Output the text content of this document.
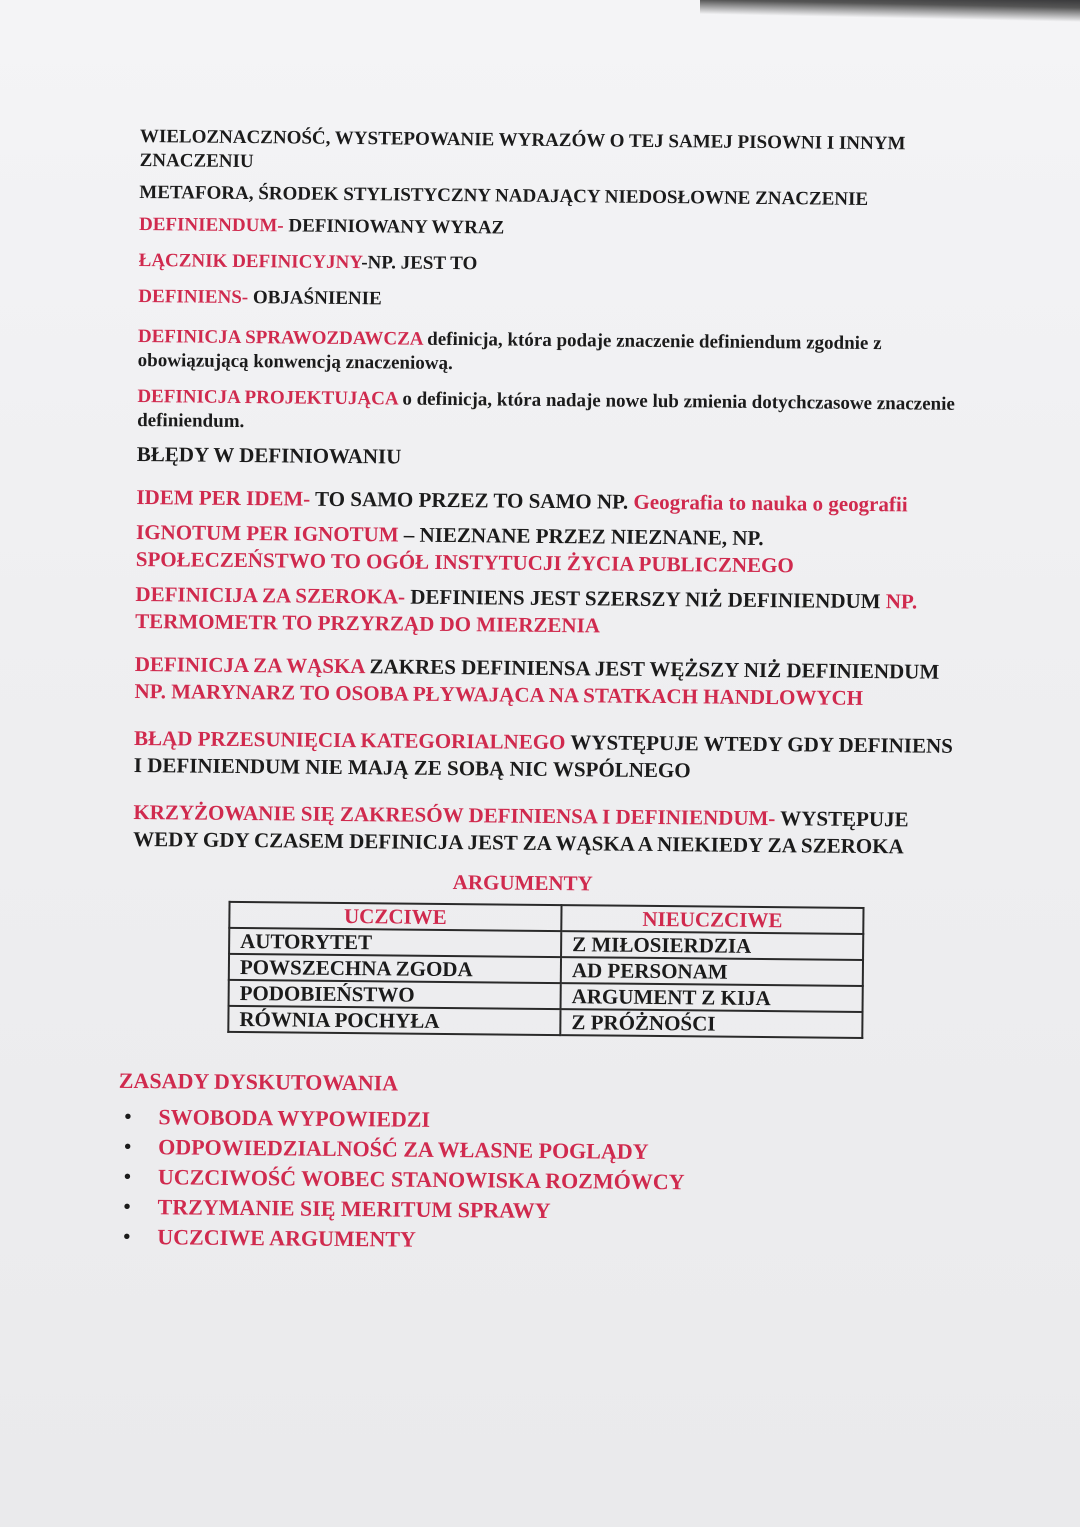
WIELOZNACZNOŚĆ, WYSTEPOWANIE WYRAZÓW O TEJ SAMEJ PISOWNI I INNYM ZNACZENIU

METAFORA, ŚRODEK STYLISTYCZNY NADAJĄCY NIEDOSŁOWNE ZNACZENIE

DEFINIENDUM- DEFINIOWANY WYRAZ

ŁĄCZNIK DEFINICYJNY-NP. JEST TO

DEFINIENS- OBJAŚNIENIE

DEFINICJA SPRAWOZDAWCZA definicja, która podaje znaczenie definiendum zgodnie z obowiązującą konwencją znaczeniową.

DEFINICJA PROJEKTUJĄCA o definicja, która nadaje nowe lub zmienia dotychczasowe znaczenie definiendum.

BŁĘDY W DEFINIOWANIU

IDEM PER IDEM- TO SAMO PRZEZ TO SAMO NP. Geografia to nauka o geografii

IGNOTUM PER IGNOTUM – NIEZNANE PRZEZ NIEZNANE, NP.
SPOŁECZEŃSTWO TO OGÓŁ INSTYTUCJI ŻYCIA PUBLICZNEGO

DEFINICIJA ZA SZEROKA- DEFINIENS JEST SZERSZY NIŻ DEFINIENDUM NP. TERMOMETR TO PRZYRZĄD DO MIERZENIA

DEFINICJA ZA WĄSKA ZAKRES DEFINIENSA JEST WĘŻSZY NIŻ DEFINIENDUM NP. MARYNARZ TO OSOBA PŁYWAJĄCA NA STATKACH HANDLOWYCH

BŁĄD PRZESUNIĘCIA KATEGORIALNEGO WYSTĘPUJE WTEDY GDY DEFINIENS I DEFINIENDUM NIE MAJĄ ZE SOBĄ NIC WSPÓLNEGO

KRZYŻOWANIE SIĘ ZAKRESÓW DEFINIENSA I DEFINIENDUM- WYSTĘPUJE WEDY GDY CZASEM DEFINICJA JEST ZA WĄSKA A NIEKIEDY ZA SZEROKA

ARGUMENTY
UCZCIWE	NIEUCZCIWE
AUTORYTET	Z MIŁOSIERDZIA
POWSZECHNA ZGODA	AD PERSONAM
PODOBIEŃSTWO	ARGUMENT Z KIJA
RÓWNIA POCHYŁA	Z PRÓŻNOŚCI
ZASADY DYSKUTOWANIA
• SWOBODA WYPOWIEDZI
• ODPOWIEDZIALNOŚĆ ZA WŁASNE POGLĄDY
• UCZCIWOŚĆ WOBEC STANOWISKA ROZMÓWCY
• TRZYMANIE SIĘ MERITUM SPRAWY
• UCZCIWE ARGUMENTY
